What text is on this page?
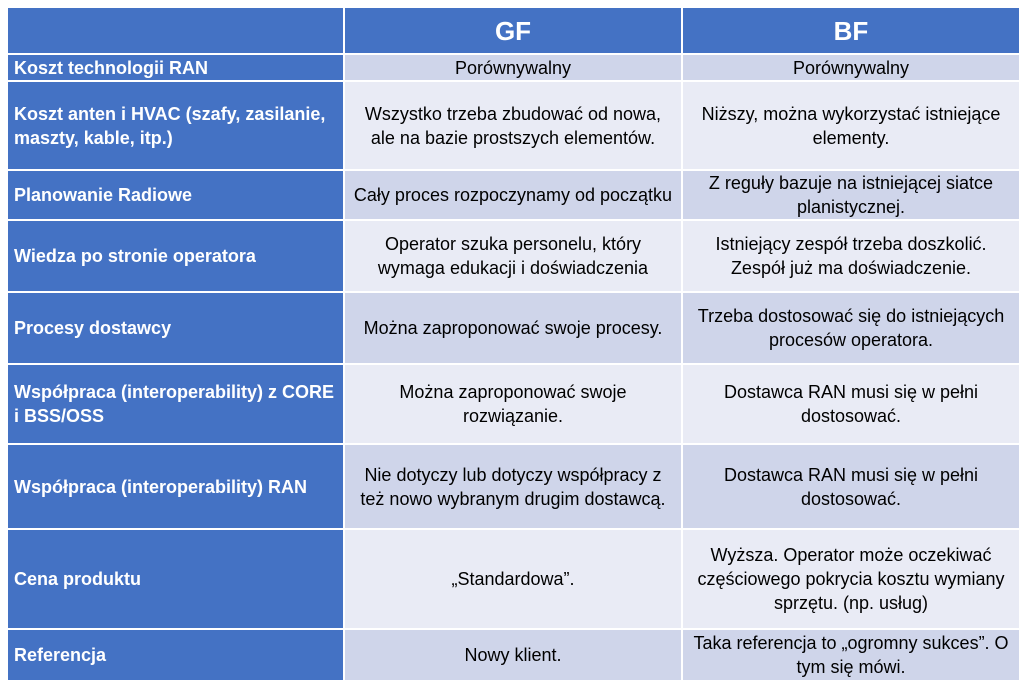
	GF	BF
Koszt technologii RAN	Porównywalny	Porównywalny
Koszt anten i HVAC (szafy, zasilanie, maszty, kable, itp.)	Wszystko trzeba zbudować od nowa, ale na bazie prostszych elementów.	Niższy, można wykorzystać istniejące elementy.
Planowanie Radiowe	Cały proces rozpoczynamy od początku	Z reguły bazuje na istniejącej siatce planistycznej.
Wiedza po stronie operatora	Operator szuka personelu, który wymaga edukacji i doświadczenia	Istniejący zespół trzeba doszkolić. Zespół już ma doświadczenie.
Procesy dostawcy	Można zaproponować swoje procesy.	Trzeba dostosować się do istniejących procesów operatora.
Współpraca (interoperability) z CORE i BSS/OSS	Można zaproponować swoje rozwiązanie.	Dostawca RAN musi się w pełni dostosować.
Współpraca (interoperability) RAN	Nie dotyczy lub dotyczy współpracy z też nowo wybranym drugim dostawcą.	Dostawca RAN musi się w pełni dostosować.
Cena produktu	„Standardowa”.	Wyższa. Operator może oczekiwać częściowego pokrycia kosztu wymiany sprzętu. (np. usług)
Referencja	Nowy klient.	Taka referencja to „ogromny sukces”. O tym się mówi.
